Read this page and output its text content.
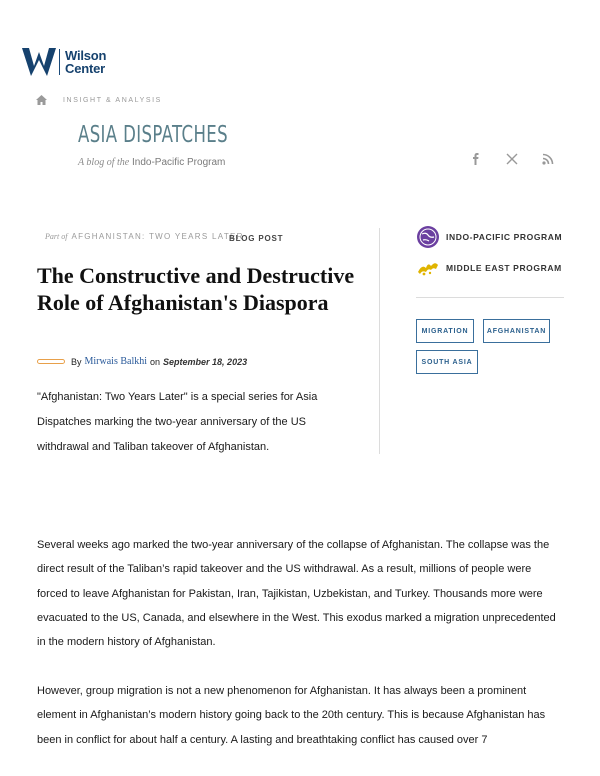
Wilson
Center
INSIGHT & ANALYSIS
ASIA DISPATCHES
A blog of the Indo-Pacific Program
Part of AFGHANISTAN: TWO YEARS LATER
BLOG POST
The Constructive and Destructive Role of Afghanistan's Diaspora
By Mirwais Balkhi on September 18, 2023

"Afghanistan: Two Years Later" is a special series for Asia Dispatches marking the two-year anniversary of the US withdrawal and Taliban takeover of Afghanistan.

INDO-PACIFIC PROGRAM
MIDDLE EAST PROGRAM
MIGRATION	AFGHANISTAN
SOUTH ASIA

Several weeks ago marked the two-year anniversary of the collapse of Afghanistan. The collapse was the direct result of the Taliban’s rapid takeover and the US withdrawal. As a result, millions of people were forced to leave Afghanistan for Pakistan, Iran, Tajikistan, Uzbekistan, and Turkey. Thousands more were evacuated to the US, Canada, and elsewhere in the West. This exodus marked a migration unprecedented in the modern history of Afghanistan.

However, group migration is not a new phenomenon for Afghanistan. It has always been a prominent element in Afghanistan’s modern history going back to the 20th century. This is because Afghanistan has been in conflict for about half a century. A lasting and breathtaking conflict has caused over 7
